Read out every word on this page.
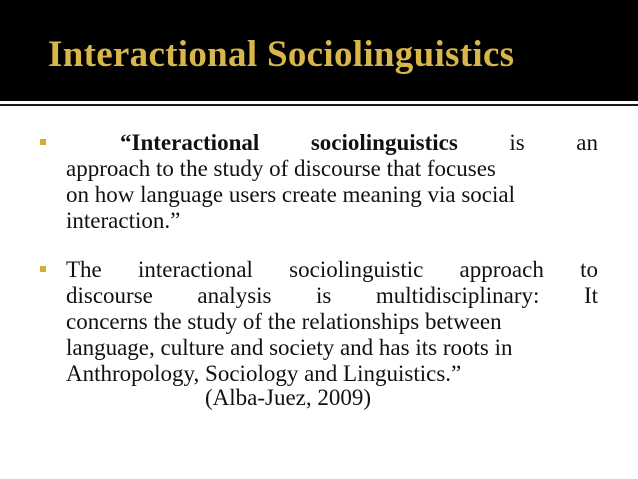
Interactional Sociolinguistics
“Interactional sociolinguistics is an
approach to the study of discourse that focuses
on how language users create meaning via social
interaction.”
The interactional sociolinguistic approach to
discourse analysis is multidisciplinary: It
concerns the study of the relationships between
language, culture and society and has its roots in
Anthropology, Sociology and Linguistics.”
(Alba-Juez, 2009)
